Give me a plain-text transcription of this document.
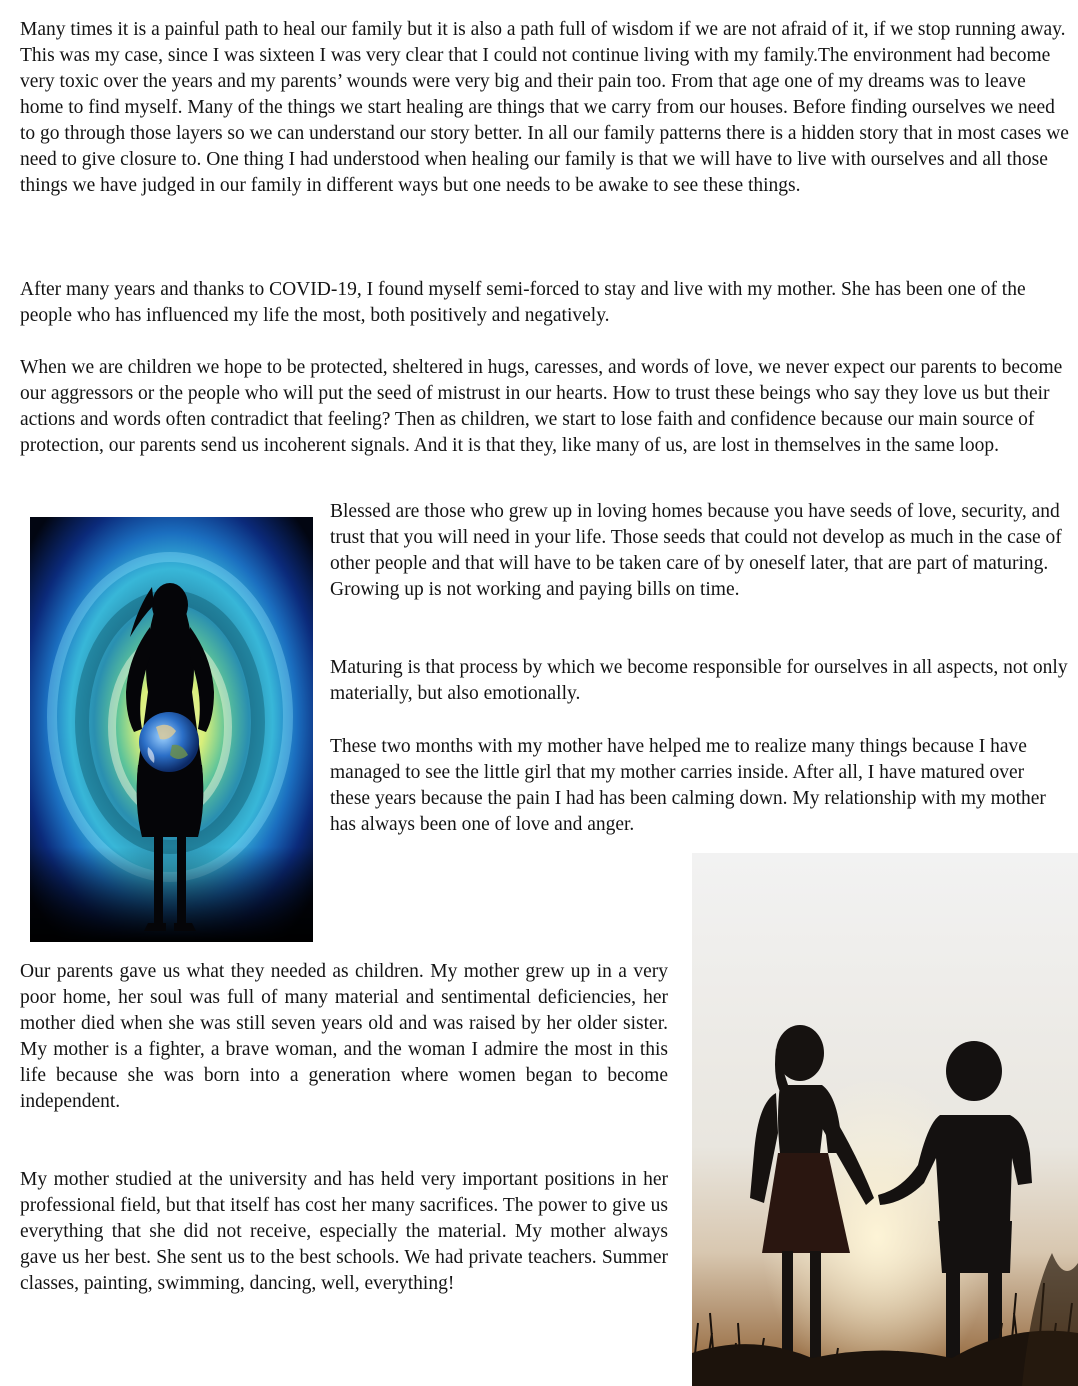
Many times it is a painful path to heal our family but it is also a path full of wisdom if we are not afraid of it, if we stop running away. This was my case, since I was sixteen I was very clear that I could not continue living with my family.The environment had become very toxic over the years and my parents’ wounds were very big and their pain too. From that age one of my dreams was to leave home to find myself. Many of the things we start healing are things that we carry from our houses. Before finding ourselves we need to go through those layers so we can understand our story better. In all our family patterns there is a hidden story that in most cases we need to give closure to. One thing I had understood when healing our family is that we will have to live with ourselves and all those things we have judged in our family in different ways but one needs to be awake to see these things.

After many years and thanks to COVID-19, I found myself semi-forced to stay and live with my mother. She has been one of the people who has influenced my life the most, both positively and negatively.

When we are children we hope to be protected, sheltered in hugs, caresses, and words of love, we never expect our parents to become our aggressors or the people who will put the seed of mistrust in our hearts. How to trust these beings who say they love us but their actions and words often contradict that feeling? Then as children, we start to lose faith and confidence because our main source of protection, our parents send us incoherent signals. And it is that they, like many of us, are lost in themselves in the same loop.

Blessed are those who grew up in loving homes because you have seeds of love, security, and trust that you will need in your life. Those seeds that could not develop as much in the case of other people and that will have to be taken care of by oneself later, that are part of maturing. Growing up is not working and paying bills on time.

Maturing is that process by which we become responsible for ourselves in all aspects, not only materially, but also emotionally.

These two months with my mother have helped me to realize many things because I have managed to see the little girl that my mother carries inside. After all, I have matured over these years because the pain I had has been calming down. My relationship with my mother has always been one of love and anger.

Our parents gave us what they needed as children. My mother grew up in a very poor home, her soul was full of many material and sentimental deficiencies, her mother died when she was still seven years old and was raised by her older sister. My mother is a fighter, a brave woman, and the woman I admire the most in this life because she was born into a generation where women began to become independent.

My mother studied at the university and has held very important positions in her professional field, but that itself has cost her many sacrifices. The power to give us everything that she did not receive, especially the material. My mother always gave us her best. She sent us to the best schools. We had private teachers. Summer classes, painting, swimming, dancing, well, everything!
